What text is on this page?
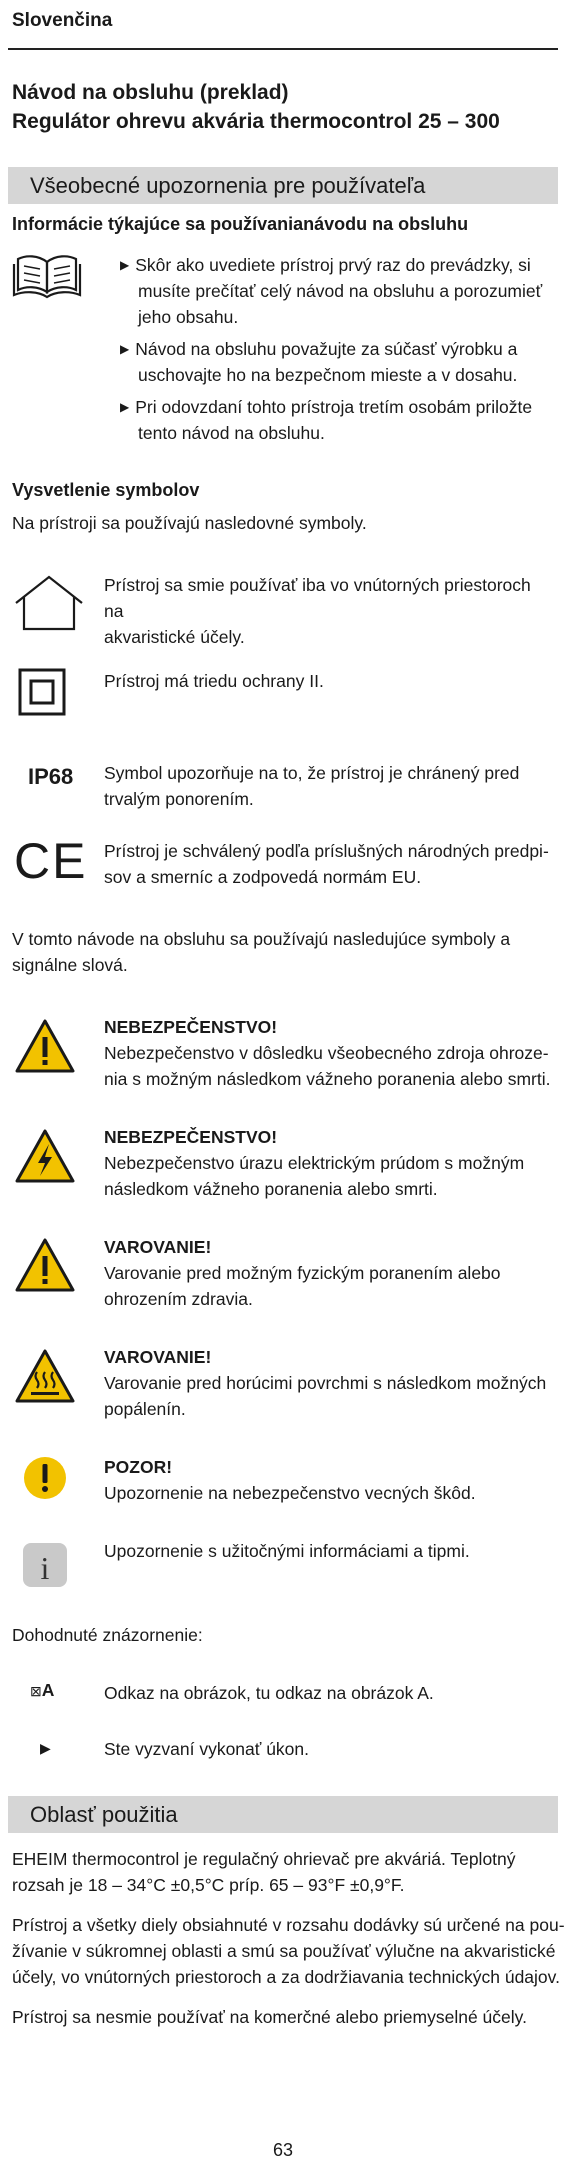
Slovenčina
Návod na obsluhu (preklad)
Regulátor ohrevu akvária thermocontrol 25 – 300
Všeobecné upozornenia pre používateľa
Informácie týkajúce sa používanianávodu na obsluhu
▶ Skôr ako uvediete prístroj prvý raz do prevádzky, si
musíte prečítať celý návod na obsluhu a porozumieť
jeho obsahu.
▶ Návod na obsluhu považujte za súčasť výrobku a
uschovajte ho na bezpečnom mieste a v dosahu.
▶ Pri odovzdaní tohto prístroja tretím osobám priložte
tento návod na obsluhu.
Vysvetlenie symbolov
Na prístroji sa používajú nasledovné symboly.
Prístroj sa smie používať iba vo vnútorných priestoroch na
akvaristické účely.
Prístroj má triedu ochrany II.
IP68 Symbol upozorňuje na to, že prístroj je chránený pred
trvalým ponorením.
CE Prístroj je schválený podľa príslušných národných predpi-
sov a smerníc a zodpovedá normám EU.
V tomto návode na obsluhu sa používajú nasledujúce symboly a
signálne slová.
NEBEZPEČENSTVO!
Nebezpečenstvo v dôsledku všeobecného zdroja ohroze-
nia s možným následkom vážneho poranenia alebo smrti.
NEBEZPEČENSTVO!
Nebezpečenstvo úrazu elektrickým prúdom s možným
následkom vážneho poranenia alebo smrti.
VAROVANIE!
Varovanie pred možným fyzickým poranením alebo
ohrozením zdravia.
VAROVANIE!
Varovanie pred horúcimi povrchmi s následkom možných
popálenín.
POZOR!
Upozornenie na nebezpečenstvo vecných škôd.
i	Upozornenie s užitočnými informáciami a tipmi.
Dohodnuté znázornenie:
⊠A	Odkaz na obrázok, tu odkaz na obrázok A.
▶	Ste vyzvaní vykonať úkon.
Oblasť použitia
EHEIM thermocontrol je regulačný ohrievač pre akváriá. Teplotný
rozsah je 18 – 34°C ±0,5°C príp. 65 – 93°F ±0,9°F.
Prístroj a všetky diely obsiahnuté v rozsahu dodávky sú určené na pou-
žívanie v súkromnej oblasti a smú sa používať výlučne na akvaristické
účely, vo vnútorných priestoroch a za dodržiavania technických údajov.
Prístroj sa nesmie používať na komerčné alebo priemyselné účely.
63
